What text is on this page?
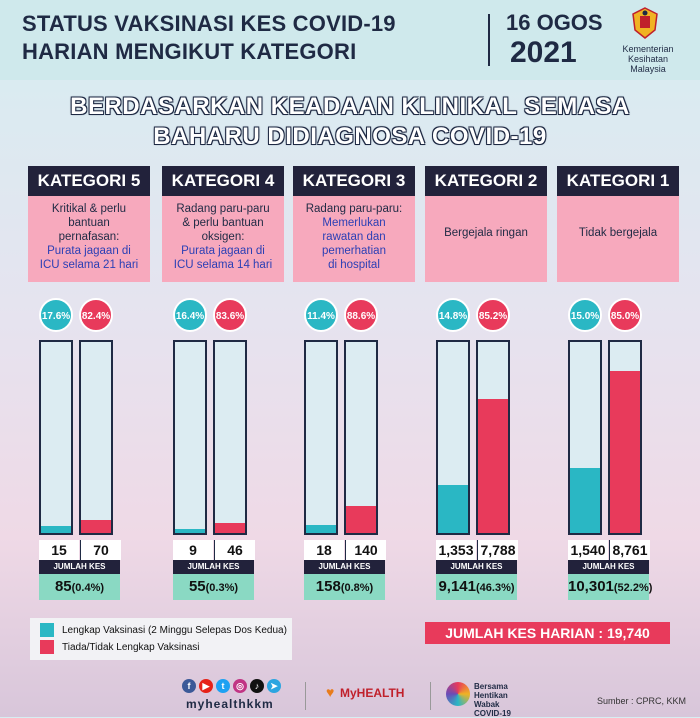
STATUS VAKSINASI KES COVID-19
HARIAN MENGIKUT KATEGORI
16 OGOS
2021	Kementerian
Kesihatan
Malaysia
BERDASARKAN KEADAAN KLINIKAL SEMASA
BAHARU DIDIAGNOSA COVID-19
KATEGORI 5
Kritikal & perlu
bantuan
pernafasan:
Purata jagaan di
ICU selama 21 hari
17.6% 82.4%
15	70
JUMLAH KES
85(0.4%)
KATEGORI 4
Radang paru-paru
& perlu bantuan
oksigen:
Purata jagaan di
ICU selama 14 hari
16.4% 83.6%
9	46
JUMLAH KES
55(0.3%)
KATEGORI 3
Radang paru-paru:
Memerlukan
rawatan dan
pemerhatian
di hospital
11.4%	88.6%
18	140
JUMLAH KES
158(0.8%)
KATEGORI 2
Bergejala ringan
14.8% 85.2%
1,353 7,788
JUMLAH KES
9,141(46.3%)
KATEGORI 1
Tidak bergejala
15.0% 85.0%
1,540 8,761
JUMLAH KES
10,301(52.2%)
Lengkap Vaksinasi (2 Minggu Selepas Dos Kedua)
Tiada/Tidak Lengkap Vaksinasi
JUMLAH KES HARIAN : 19,740
f	▶	t	◎	♪	➤
myhealthkkm
♥ MyHEALTH	Bersama
Hentikan
Wabak
COVID-19
Sumber : CPRC, KKM
